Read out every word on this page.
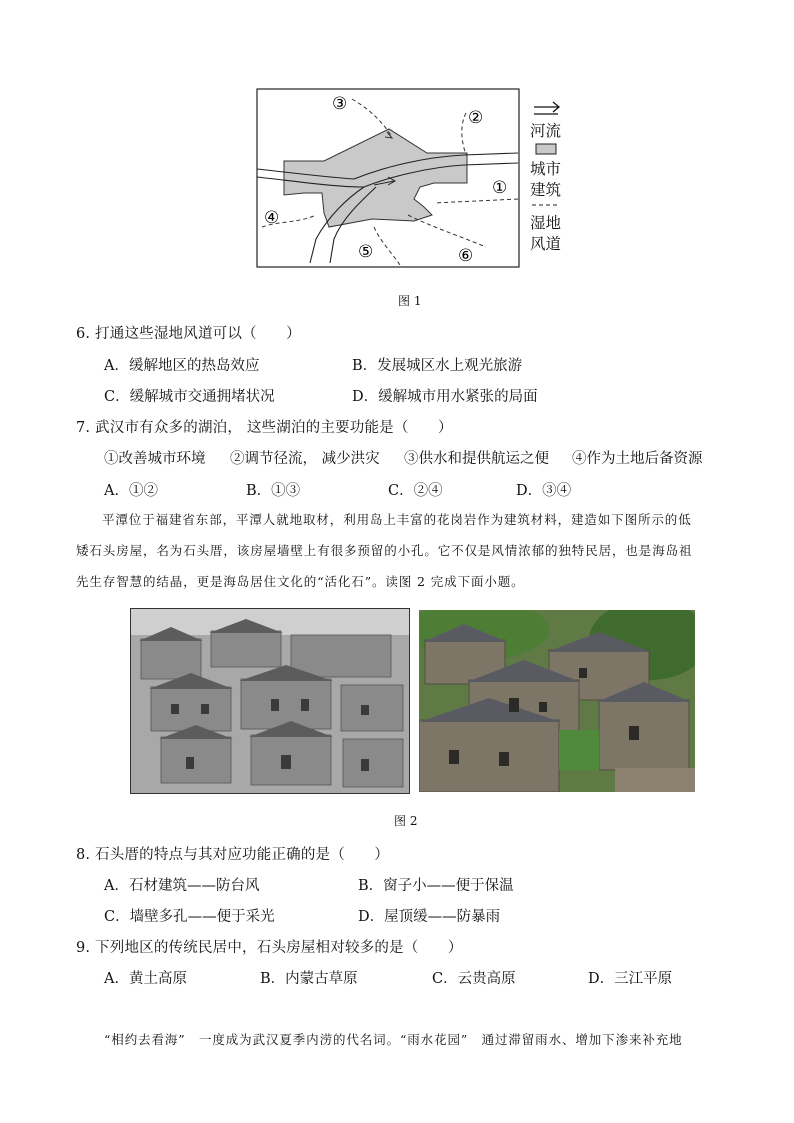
③
②
①
④
⑤	⑥
河流
城市
建筑
湿地
风道
图 1
6. 打通这些湿地风道可以（　　）
A．缓解地区的热岛效应	B．发展城区水上观光旅游
C．缓解城市交通拥堵状况	D．缓解城市用水紧张的局面
7. 武汉市有众多的湖泊， 这些湖泊的主要功能是（　　）
①改善城市环境 ②调节径流， 减少洪灾 ③供水和提供航运之便 ④作为土地后备资源
A．①②	B．①③	C．②④	D．③④
平潭位于福建省东部，平潭人就地取材，利用岛上丰富的花岗岩作为建筑材料，建造如下图所示的低
矮石头房屋，名为石头厝，该房屋墙壁上有很多预留的小孔。它不仅是风情浓郁的独特民居，也是海岛祖
先生存智慧的结晶，更是海岛居住文化的“活化石”。读图 2 完成下面小题。
图 2
8. 石头厝的特点与其对应功能正确的是（　　）
A．石材建筑——防台风	B．窗子小——便于保温
C．墙壁多孔——便于采光	D．屋顶缓——防暴雨
9. 下列地区的传统民居中，石头房屋相对较多的是（　　）
A．黄土高原	B．内蒙古草原	C．云贵高原	D．三江平原
“相约去看海”　一度成为武汉夏季内涝的代名词。“雨水花园”　通过滞留雨水、增加下渗来补充地
